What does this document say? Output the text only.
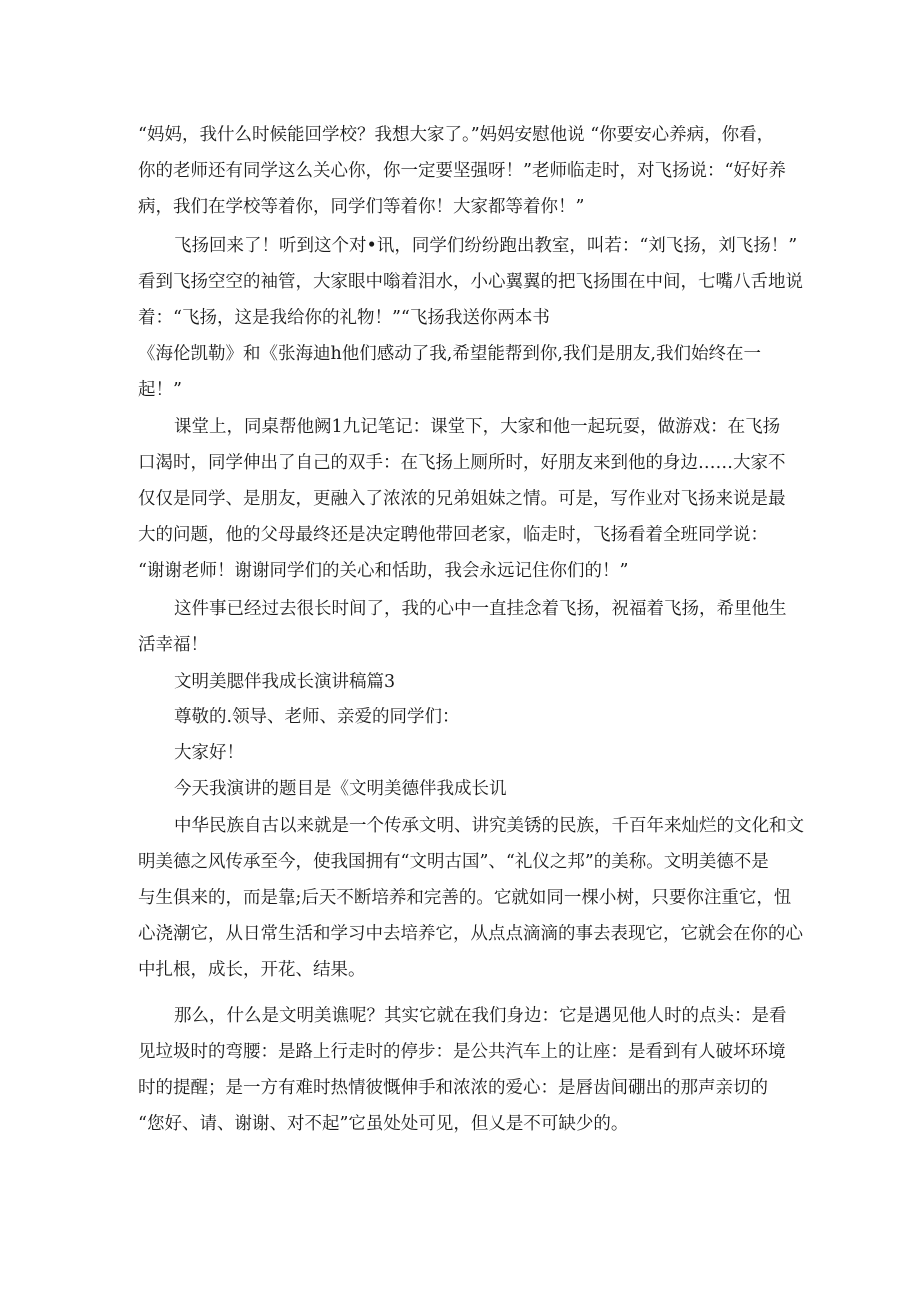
“妈妈，我什么时候能回学校？我想大家了。”妈妈安慰他说 “你要安心养病，你看，
你的老师还有同学这么关心你，你一定要坚强呀！”老师临走时，对飞扬说：“好好养
病，我们在学校等着你，同学们等着你！大家都等着你！”
飞扬回来了！听到这个对•讯，同学们纷纷跑出教室，叫若：“刘飞扬，刘飞扬！”
看到飞扬空空的袖管，大家眼中嗡着泪水，小心翼翼的把飞扬围在中间，七嘴八舌地说
着：“飞扬，这是我给你的礼物！”“飞扬我送你两本书
《海伦凯勒》和《张海迪h他们感动了我,希望能帮到你,我们是朋友,我们始终在一
起！”
课堂上，同桌帮他阙1九记笔记：课堂下，大家和他一起玩耍，做游戏：在飞扬
口渴时，同学伸出了自己的双手：在飞扬上厕所时，好朋友来到他的身边……大家不
仅仅是同学、是朋友，更融入了浓浓的兄弟姐妹之情。可是，写作业对飞扬来说是最
大的问题，他的父母最终还是决定聘他带回老家，临走时，飞扬看着全班同学说：
“谢谢老师！谢谢同学们的关心和恬助，我会永远记住你们的！”
这件事已经过去很长时间了，我的心中一直挂念着飞扬，祝福着飞扬，希里他生
活幸福！
文明美腮伴我成长演讲稿篇3
尊敬的.领导、老师、亲爱的同学们：
大家好！
今天我演讲的题目是《文明美德伴我成长讥
中华民族自古以来就是一个传承文明、讲究美锈的民族，千百年来灿烂的文化和文
明美德之风传承至今，使我国拥有“文明古国”、“礼仪之邦”的美称。文明美德不是
与生俱来的，而是靠;后天不断培养和完善的。它就如同一棵小树，只要你注重它，忸
心浇潮它，从日常生活和学习中去培养它，从点点滴滴的事去表现它，它就会在你的心
中扎根，成长，开花、结果。
那么，什么是文明美谯呢？其实它就在我们身边：它是遇见他人时的点头：是看
见垃圾时的弯腰：是路上行走时的停步：是公共汽车上的让座：是看到有人破坏环境
时的提醒；是一方有难时热情彼慨伸手和浓浓的爱心：是唇齿间硼出的那声亲切的
“您好、请、谢谢、对不起”它虽处处可见，但乂是不可缺少的。
